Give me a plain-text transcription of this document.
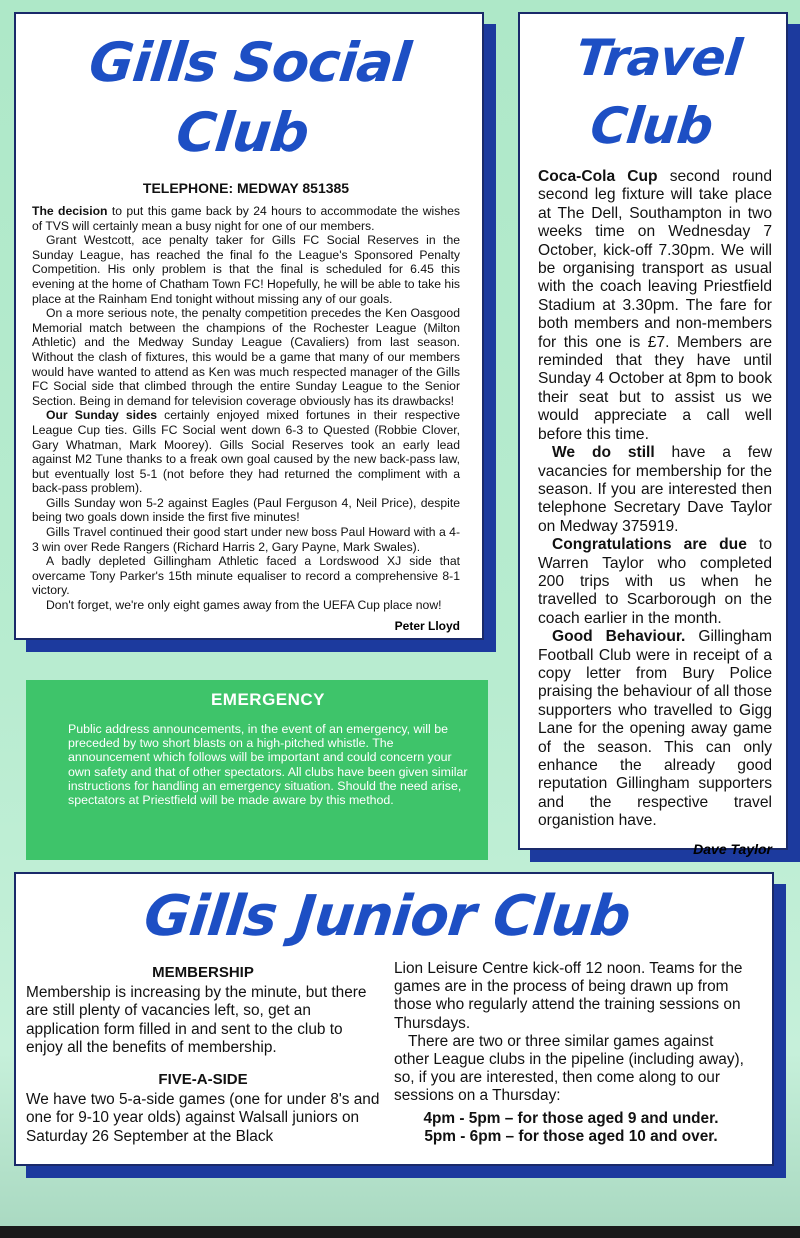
Gills Social Club
TELEPHONE: MEDWAY 851385

The decision to put this game back by 24 hours to accommodate the wishes of TVS will certainly mean a busy night for one of our members.

Grant Westcott, ace penalty taker for Gills FC Social Reserves in the Sunday League, has reached the final fo the League's Sponsored Penalty Competition. His only problem is that the final is scheduled for 6.45 this evening at the home of Chatham Town FC! Hopefully, he will be able to take his place at the Rainham End tonight without missing any of our goals.

On a more serious note, the penalty competition precedes the Ken Oasgood Memorial match between the champions of the Rochester League (Milton Athletic) and the Medway Sunday League (Cavaliers) from last season. Without the clash of fixtures, this would be a game that many of our members would have wanted to attend as Ken was much respected manager of the Gills FC Social side that climbed through the entire Sunday League to the Senior Section. Being in demand for television coverage obviously has its drawbacks!

Our Sunday sides certainly enjoyed mixed fortunes in their respective League Cup ties. Gills FC Social went down 6-3 to Quested (Robbie Clover, Gary Whatman, Mark Moorey). Gills Social Reserves took an early lead against M2 Tune thanks to a freak own goal caused by the new back-pass law, but eventually lost 5-1 (not before they had returned the compliment with a back-pass problem).

Gills Sunday won 5-2 against Eagles (Paul Ferguson 4, Neil Price), despite being two goals down inside the first five minutes!

Gills Travel continued their good start under new boss Paul Howard with a 4-3 win over Rede Rangers (Richard Harris 2, Gary Payne, Mark Swales).

A badly depleted Gillingham Athletic faced a Lordswood XJ side that overcame Tony Parker's 15th minute equaliser to record a comprehensive 8-1 victory.

Don't forget, we're only eight games away from the UEFA Cup place now!

Peter Lloyd
Travel Club

Coca-Cola Cup second round second leg fixture will take place at The Dell, Southampton in two weeks time on Wednesday 7 October, kick-off 7.30pm. We will be organising transport as usual with the coach leaving Priestfield Stadium at 3.30pm. The fare for both members and non-members for this one is £7. Members are reminded that they have until Sunday 4 October at 8pm to book their seat but to assist us we would appreciate a call well before this time.

We do still have a few vacancies for membership for the season. If you are interested then telephone Secretary Dave Taylor on Medway 375919.

Congratulations are due to Warren Taylor who completed 200 trips with us when he travelled to Scarborough on the coach earlier in the month.

Good Behaviour. Gillingham Football Club were in receipt of a copy letter from Bury Police praising the behaviour of all those supporters who travelled to Gigg Lane for the opening away game of the season. This can only enhance the already good reputation Gillingham supporters and the respective travel organistion have.

Dave Taylor
EMERGENCY
Public address announcements, in the event of an emergency, will be preceded by two short blasts on a high-pitched whistle. The announcement which follows will be important and could concern your own safety and that of other spectators. All clubs have been given similar instructions for handling an emergency situation. Should the need arise, spectators at Priestfield will be made aware by this method.
Gills Junior Club
MEMBERSHIP

Membership is increasing by the minute, but there are still plenty of vacancies left, so, get an application form filled in and sent to the club to enjoy all the benefits of membership.

FIVE-A-SIDE

We have two 5-a-side games (one for under 8's and one for 9-10 year olds) against Walsall juniors on Saturday 26 September at the Black

Lion Leisure Centre kick-off 12 noon. Teams for the games are in the process of being drawn up from those who regularly attend the training sessions on Thursdays.

There are two or three similar games against other League clubs in the pipeline (including away), so, if you are interested, then come along to our sessions on a Thursday:

4pm - 5pm – for those aged 9 and under.
5pm - 6pm – for those aged 10 and over.
